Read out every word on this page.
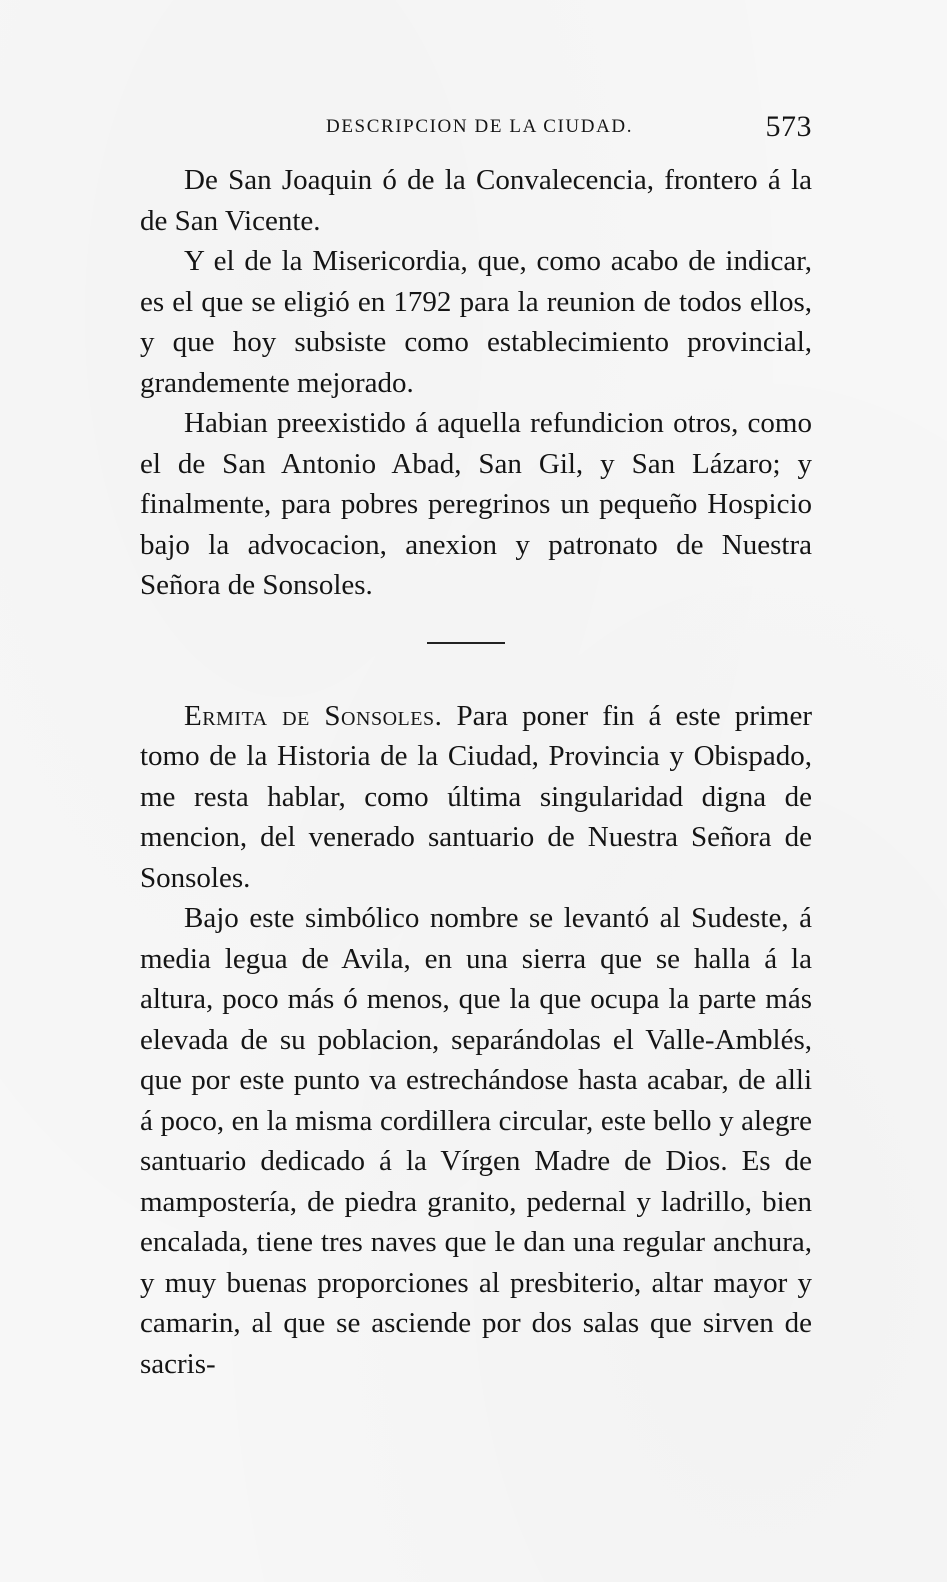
DESCRIPCION DE LA CIUDAD.	573

De San Joaquin ó de la Convalecencia, frontero á la de San Vicente.

Y el de la Misericordia, que, como acabo de indicar, es el que se eligió en 1792 para la reunion de todos ellos, y que hoy subsiste como establecimiento provincial, grandemente mejorado.

Habian preexistido á aquella refundicion otros, como el de San Antonio Abad, San Gil, y San Lázaro; y finalmente, para pobres peregrinos un pequeño Hospicio bajo la advocacion, anexion y patronato de Nuestra Señora de Sonsoles.

Ermita de Sonsoles. Para poner fin á este primer tomo de la Historia de la Ciudad, Provincia y Obispado, me resta hablar, como última singularidad digna de mencion, del venerado santuario de Nuestra Señora de Sonsoles.

Bajo este simbólico nombre se levantó al Sudeste, á media legua de Avila, en una sierra que se halla á la altura, poco más ó menos, que la que ocupa la parte más elevada de su poblacion, separándolas el Valle-Amblés, que por este punto va estrechándose hasta acabar, de alli á poco, en la misma cordillera circular, este bello y alegre santuario dedicado á la Vírgen Madre de Dios. Es de mampostería, de piedra granito, pedernal y ladrillo, bien encalada, tiene tres naves que le dan una regular anchura, y muy buenas proporciones al presbiterio, altar mayor y camarin, al que se asciende por dos salas que sirven de sacris-
